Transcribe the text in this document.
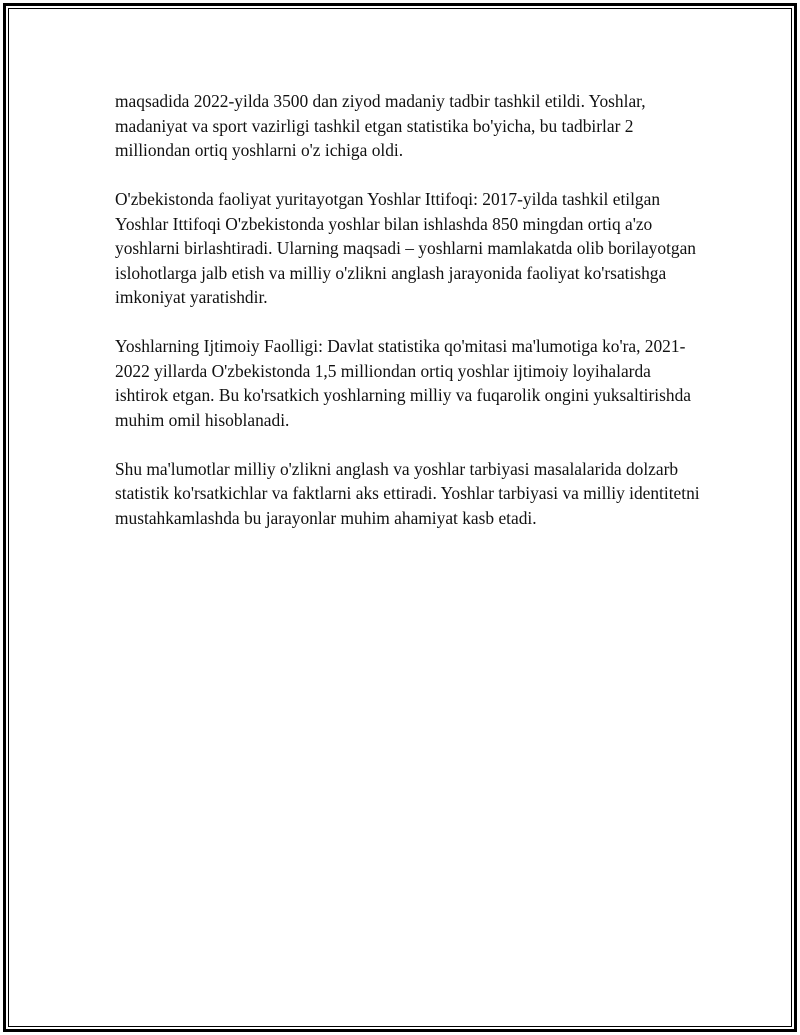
maqsadida 2022-yilda 3500 dan ziyod madaniy tadbir tashkil etildi. Yoshlar, madaniyat va sport vazirligi tashkil etgan statistika bo'yicha, bu tadbirlar 2 milliondan ortiq yoshlarni o'z ichiga oldi.

O'zbekistonda faoliyat yuritayotgan Yoshlar Ittifoqi: 2017-yilda tashkil etilgan Yoshlar Ittifoqi O'zbekistonda yoshlar bilan ishlashda 850 mingdan ortiq a'zo yoshlarni birlashtiradi. Ularning maqsadi – yoshlarni mamlakatda olib borilayotgan islohotlarga jalb etish va milliy o'zlikni anglash jarayonida faoliyat ko'rsatishga imkoniyat yaratishdir.

Yoshlarning Ijtimoiy Faolligi: Davlat statistika qo'mitasi ma'lumotiga ko'ra, 2021-2022 yillarda O'zbekistonda 1,5 milliondan ortiq yoshlar ijtimoiy loyihalarda ishtirok etgan. Bu ko'rsatkich yoshlarning milliy va fuqarolik ongini yuksaltirishda muhim omil hisoblanadi.

Shu ma'lumotlar milliy o'zlikni anglash va yoshlar tarbiyasi masalalarida dolzarb statistik ko'rsatkichlar va faktlarni aks ettiradi. Yoshlar tarbiyasi va milliy identitetni mustahkamlashda bu jarayonlar muhim ahamiyat kasb etadi.
